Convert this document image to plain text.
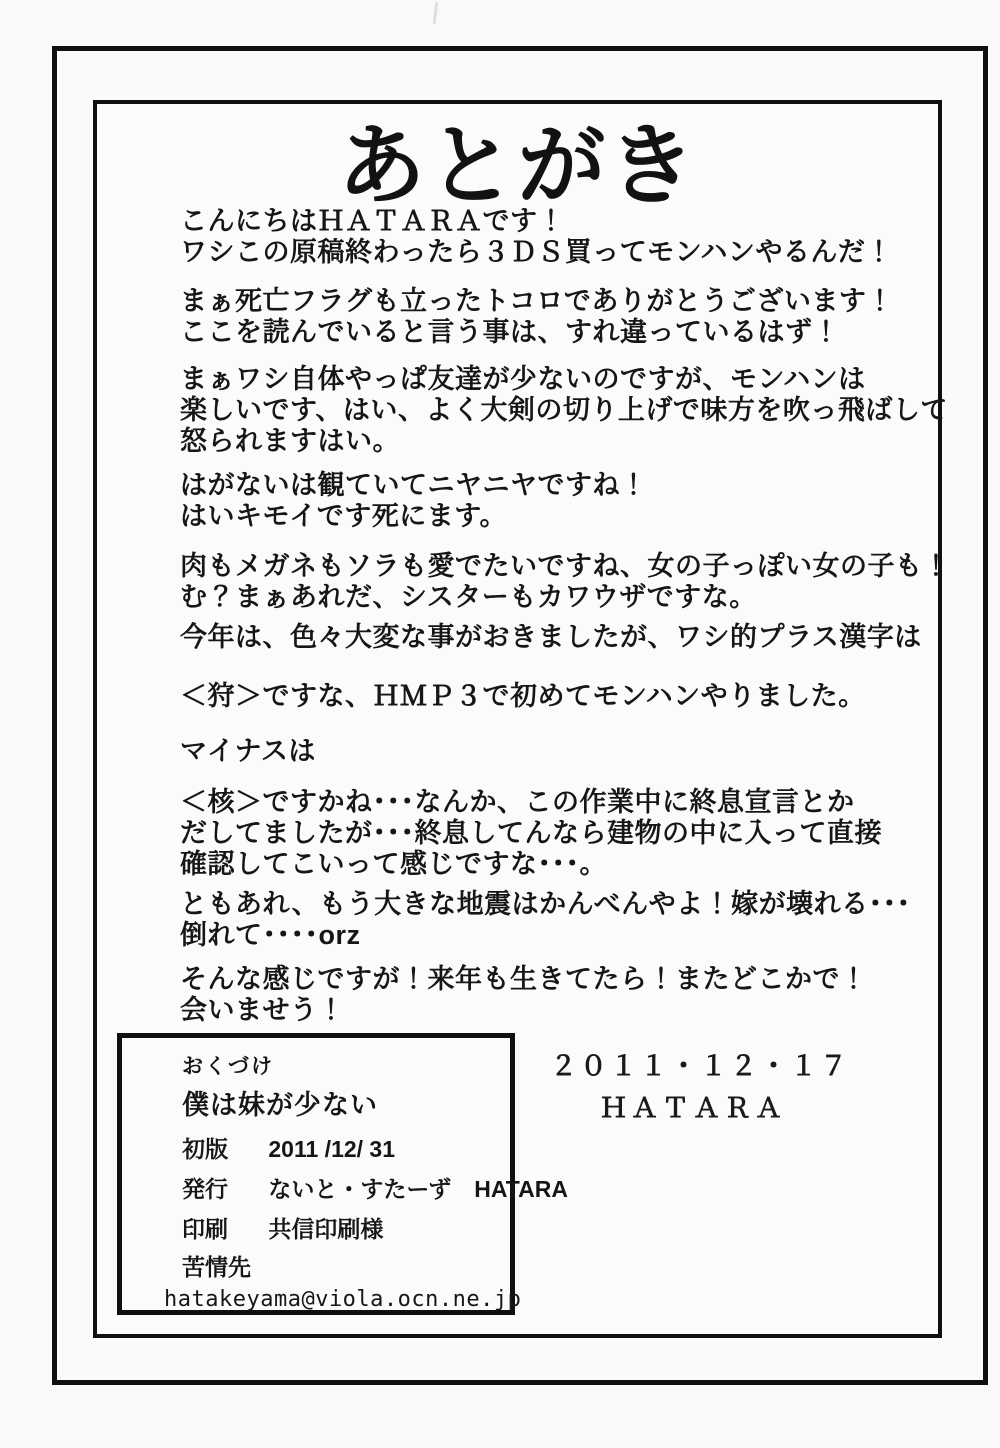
あとがき
こんにちはＨＡＴＡＲＡです！
ワシこの原稿終わったら３ＤＳ買ってモンハンやるんだ！
まぁ死亡フラグも立ったトコロでありがとうございます！
ここを読んでいると言う事は、すれ違っているはず！
まぁワシ自体やっぱ友達が少ないのですが、モンハンは
楽しいです、はい、よく大剣の切り上げで味方を吹っ飛ばして
怒られますはい。
はがないは観ていてニヤニヤですね！
はいキモイです死にます。
肉もメガネもソラも愛でたいですね、女の子っぽい女の子も！
む？まぁあれだ、シスターもカワウザですな。
今年は、色々大変な事がおきましたが、ワシ的プラス漢字は
＜狩＞ですな、ＨＭＰ３で初めてモンハンやりました。
マイナスは
＜核＞ですかね･･･なんか、この作業中に終息宣言とか
だしてましたが･･･終息してんなら建物の中に入って直接
確認してこいって感じですな･･･。
ともあれ、もう大きな地震はかんべんやよ！嫁が壊れる･･･
倒れて････orz
そんな感じですが！来年も生きてたら！またどこかで！
会いませう！
２０１１・１２・１７
ＨＡＴＡＲＡ
おくづけ
僕は妹が少ない
初版 2011 /12/ 31
発行 ないと・すたーず　HATARA
印刷 共信印刷様
苦情先
hatakeyama@viola.ocn.ne.jp
